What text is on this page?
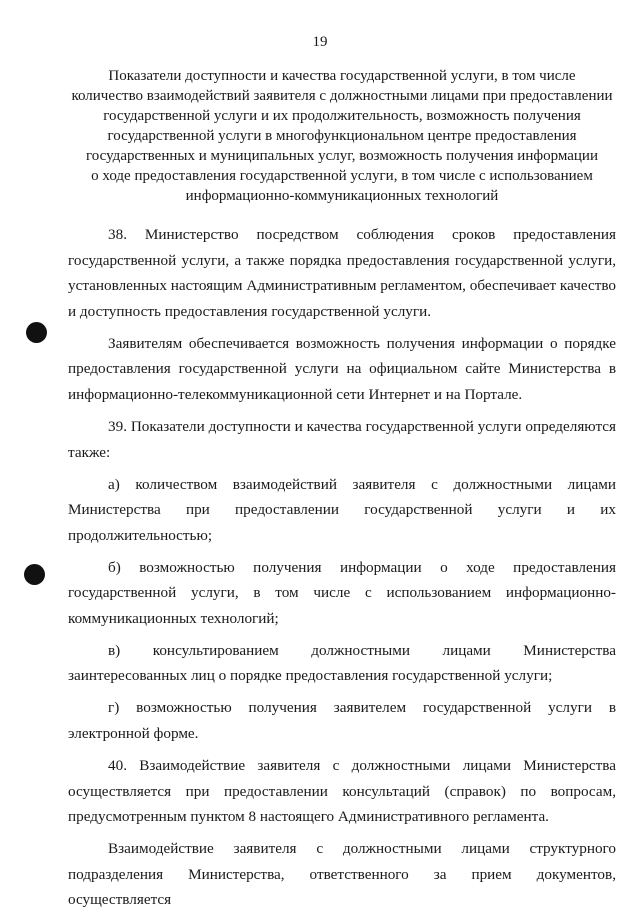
19
Показатели доступности и качества государственной услуги, в том числе
количество взаимодействий заявителя с должностными лицами при предоставлении
государственной услуги и их продолжительность, возможность получения
государственной услуги в многофункциональном центре предоставления
государственных и муниципальных услуг, возможность получения информации
о ходе предоставления государственной услуги, в том числе с использованием
информационно-коммуникационных технологий
38. Министерство посредством соблюдения сроков предоставления
государственной услуги, а также порядка предоставления государственной услуги,
установленных настоящим Административным регламентом, обеспечивает качество
и доступность предоставления государственной услуги.
Заявителям обеспечивается возможность получения информации о порядке
предоставления государственной услуги на официальном сайте Министерства в
информационно-телекоммуникационной сети Интернет и на Портале.
39. Показатели доступности и качества государственной услуги определяются
также:
а) количеством взаимодействий заявителя с должностными лицами
Министерства при предоставлении государственной услуги и их
продолжительностью;
б) возможностью получения информации о ходе предоставления
государственной услуги, в том числе с использованием информационно-
коммуникационных технологий;
в) консультированием должностными лицами Министерства
заинтересованных лиц о порядке предоставления государственной услуги;
г) возможностью получения заявителем государственной услуги в
электронной форме.
40. Взаимодействие заявителя с должностными лицами Министерства
осуществляется при предоставлении консультаций (справок) по вопросам,
предусмотренным пунктом 8 настоящего Административного регламента.
Взаимодействие заявителя с должностными лицами структурного
подразделения Министерства, ответственного за прием документов, осуществляется
